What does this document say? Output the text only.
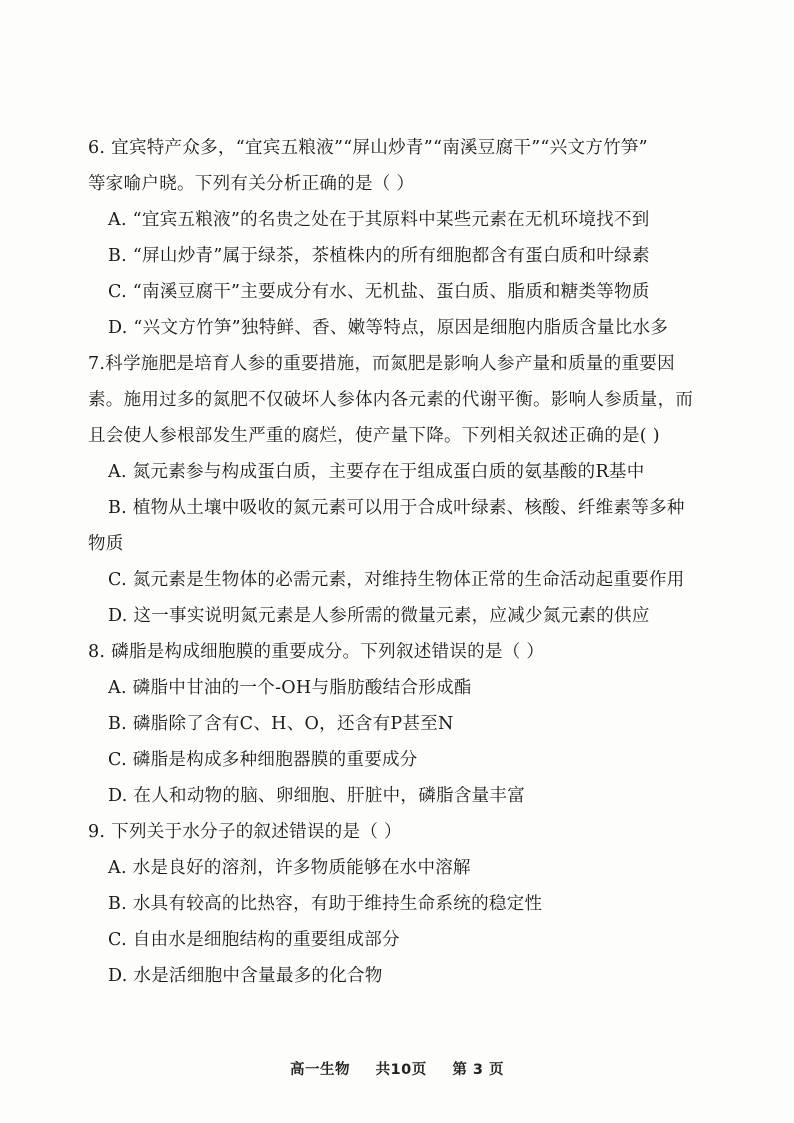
6. 宜宾特产众多，“宜宾五粮液”“屏山炒青”“南溪豆腐干”“兴文方竹笋”
等家喻户晓。下列有关分析正确的是（ ）
A. “宜宾五粮液”的名贵之处在于其原料中某些元素在无机环境找不到
B. “屏山炒青”属于绿茶，茶植株内的所有细胞都含有蛋白质和叶绿素
C. “南溪豆腐干”主要成分有水、无机盐、蛋白质、脂质和糖类等物质
D. “兴文方竹笋”独特鲜、香、嫩等特点，原因是细胞内脂质含量比水多
7.科学施肥是培育人参的重要措施，而氮肥是影响人参产量和质量的重要因
素。施用过多的氮肥不仅破坏人参体内各元素的代谢平衡。影响人参质量，而
且会使人参根部发生严重的腐烂，使产量下降。下列相关叙述正确的是( )
A. 氮元素参与构成蛋白质，主要存在于组成蛋白质的氨基酸的R基中
B. 植物从土壤中吸收的氮元素可以用于合成叶绿素、核酸、纤维素等多种
物质
C. 氮元素是生物体的必需元素，对维持生物体正常的生命活动起重要作用
D. 这一事实说明氮元素是人参所需的微量元素，应减少氮元素的供应
8. 磷脂是构成细胞膜的重要成分。下列叙述错误的是（ ）
A. 磷脂中甘油的一个-OH与脂肪酸结合形成酯
B. 磷脂除了含有C、H、O，还含有P甚至N
C. 磷脂是构成多种细胞器膜的重要成分
D. 在人和动物的脑、卵细胞、肝脏中，磷脂含量丰富
9. 下列关于水分子的叙述错误的是（ ）
A. 水是良好的溶剂，许多物质能够在水中溶解
B. 水具有较高的比热容，有助于维持生命系统的稳定性
C. 自由水是细胞结构的重要组成部分
D. 水是活细胞中含量最多的化合物
高一生物 共10页 第 3 页
